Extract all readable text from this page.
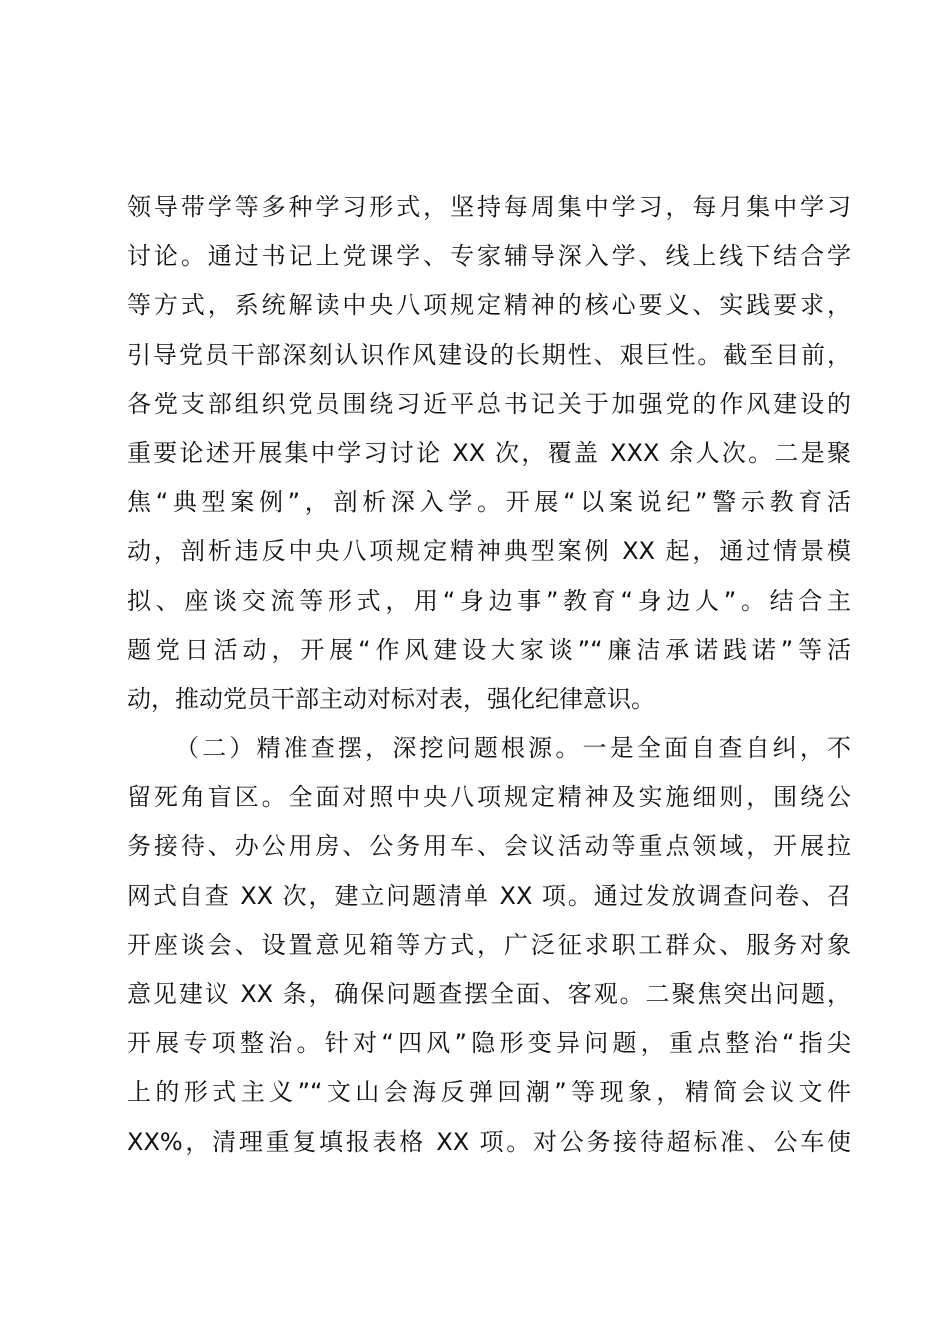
领导带学等多种学习形式，坚持每周集中学习，每月集中学习
讨论。通过书记上党课学、专家辅导深入学、线上线下结合学
等方式，系统解读中央八项规定精神的核心要义、实践要求，
引导党员干部深刻认识作风建设的长期性、艰巨性。截至目前，
各党支部组织党员围绕习近平总书记关于加强党的作风建设的
重要论述开展集中学习讨论 XX 次，覆盖 XXX 余人次。二是聚
焦“典型案例”，剖析深入学。开展“以案说纪”警示教育活
动，剖析违反中央八项规定精神典型案例 XX 起，通过情景模
拟、座谈交流等形式，用“身边事”教育“身边人”。结合主
题党日活动，开展“作风建设大家谈”“廉洁承诺践诺”等活
动，推动党员干部主动对标对表，强化纪律意识。
（二）精准查摆，深挖问题根源。一是全面自查自纠，不
留死角盲区。全面对照中央八项规定精神及实施细则，围绕公
务接待、办公用房、公务用车、会议活动等重点领域，开展拉
网式自查 XX 次，建立问题清单 XX 项。通过发放调查问卷、召
开座谈会、设置意见箱等方式，广泛征求职工群众、服务对象
意见建议 XX 条，确保问题查摆全面、客观。二聚焦突出问题，
开展专项整治。针对“四风”隐形变异问题，重点整治“指尖
上的形式主义”“文山会海反弹回潮”等现象，精简会议文件
XX%，清理重复填报表格 XX 项。对公务接待超标准、公车使
